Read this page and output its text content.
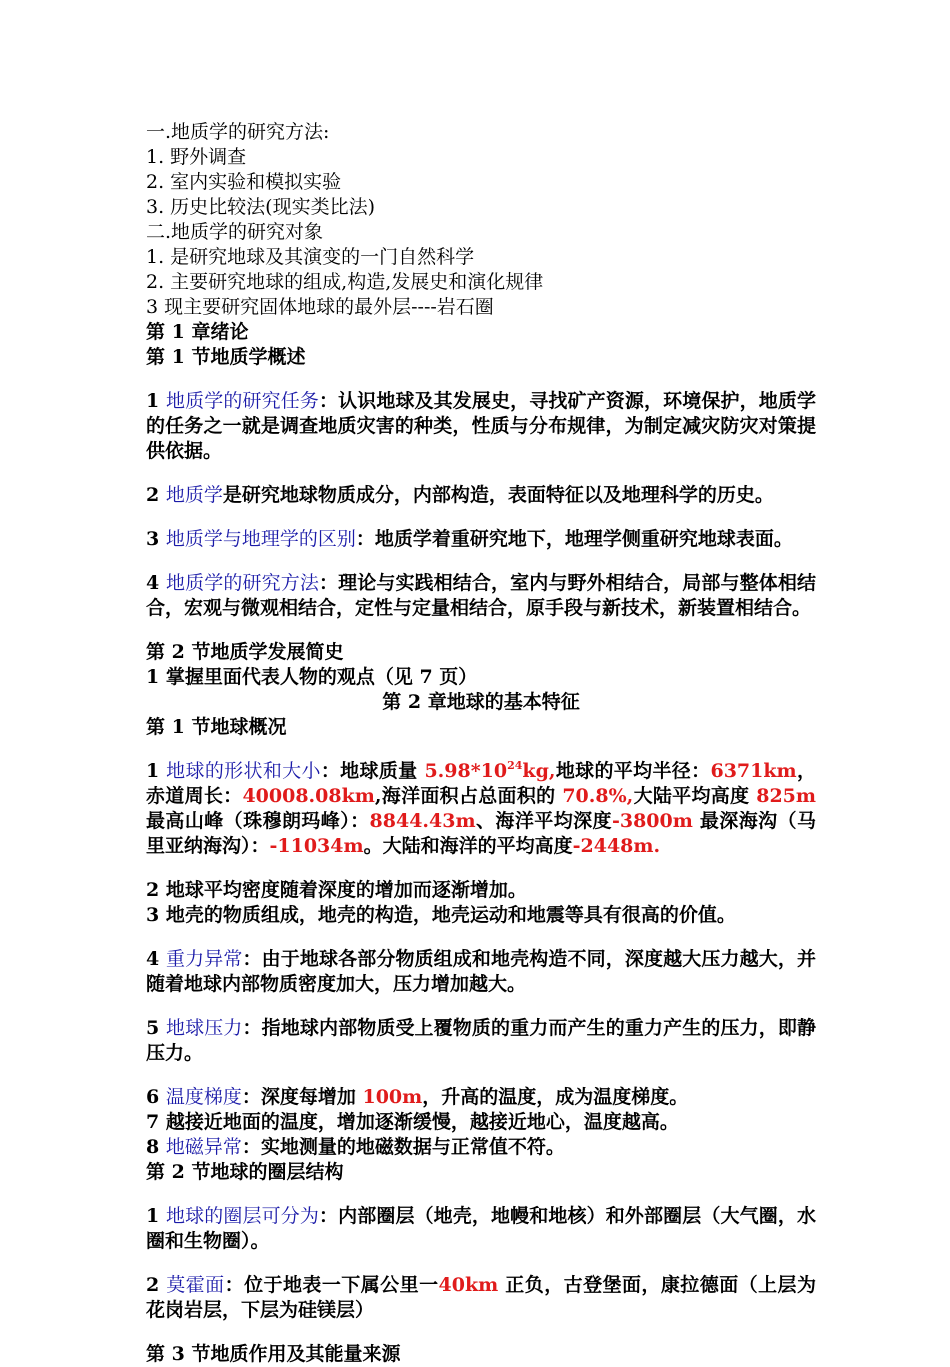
一.地质学的研究方法:

1. 野外调查

2. 室内实验和模拟实验

3. 历史比较法(现实类比法)

二.地质学的研究对象

1. 是研究地球及其演变的一门自然科学

2. 主要研究地球的组成,构造,发展史和演化规律

3 现主要研究固体地球的最外层----岩石圈

第 1 章绪论

第 1 节地质学概述

1 地质学的研究任务：认识地球及其发展史，寻找矿产资源，环境保护，地质学的任务之一就是调查地质灾害的种类，性质与分布规律，为制定减灾防灾对策提供依据。

2 地质学是研究地球物质成分，内部构造，表面特征以及地理科学的历史。

3 地质学与地理学的区别：地质学着重研究地下，地理学侧重研究地球表面。

4 地质学的研究方法：理论与实践相结合，室内与野外相结合，局部与整体相结合，宏观与微观相结合，定性与定量相结合，原手段与新技术，新装置相结合。

第 2 节地质学发展简史

1 掌握里面代表人物的观点（见 7 页）

第 2 章地球的基本特征

第 1 节地球概况

1 地球的形状和大小：地球质量 $5.98*10^{24}kg$,地球的平均半径：6371km，赤道周长：40008.08km,海洋面积占总面积的 70.8%,大陆平均高度 825m 最高山峰（珠穆朗玛峰）：8844.43m、海洋平均深度-3800m 最深海沟（马里亚纳海沟）：-11034m。大陆和海洋的平均高度-2448m.

2 地球平均密度随着深度的增加而逐渐增加。

3 地壳的物质组成，地壳的构造，地壳运动和地震等具有很高的价值。

4 重力异常：由于地球各部分物质组成和地壳构造不同，深度越大压力越大，并随着地球内部物质密度加大，压力增加越大。

5 地球压力：指地球内部物质受上覆物质的重力而产生的重力产生的压力，即静压力。

6 温度梯度：深度每增加 100m，升高的温度，成为温度梯度。

7 越接近地面的温度，增加逐渐缓慢，越接近地心，温度越高。

8 地磁异常：实地测量的地磁数据与正常值不符。

第 2 节地球的圈层结构

1 地球的圈层可分为：内部圈层（地壳，地幔和地核）和外部圈层（大气圈，水圈和生物圈）。

2 莫霍面：位于地表一下属公里一40km 正负，古登堡面，康拉德面（上层为花岗岩层，下层为硅镁层）

第 3 节地质作用及其能量来源
